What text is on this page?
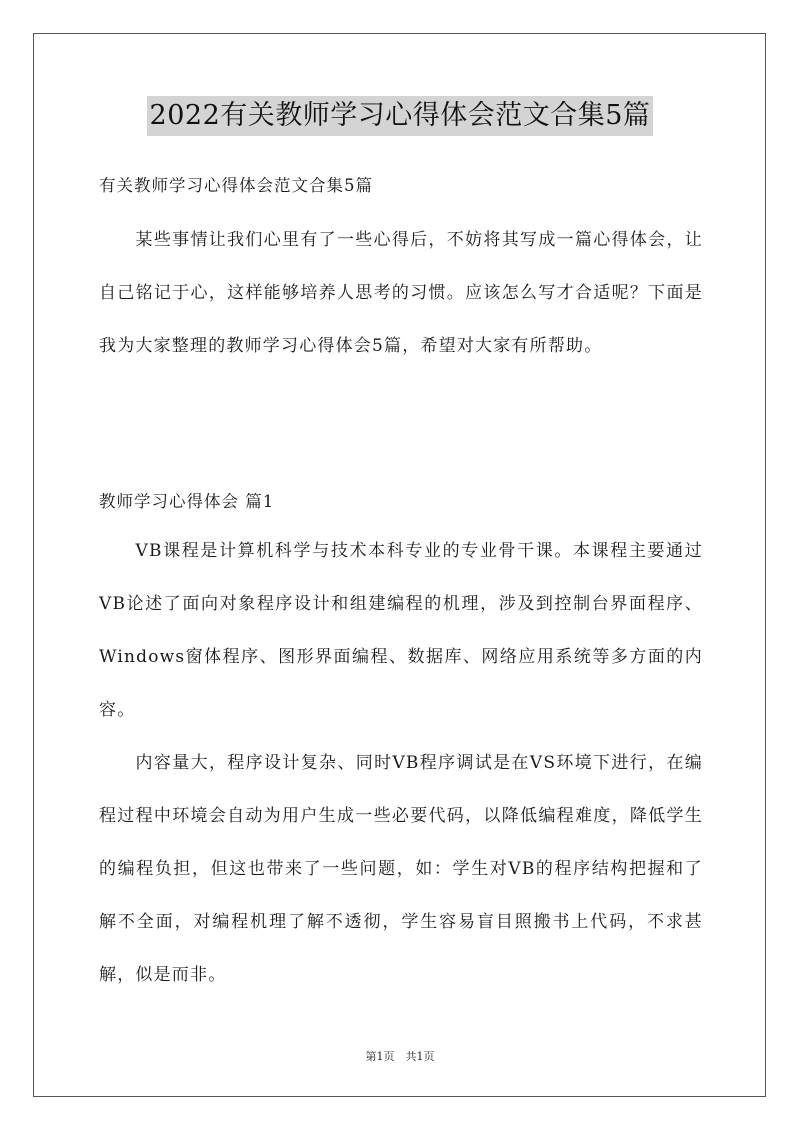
2022有关教师学习心得体会范文合集5篇
有关教师学习心得体会范文合集5篇

某些事情让我们心里有了一些心得后，不妨将其写成一篇心得体会，让自己铭记于心，这样能够培养人思考的习惯。应该怎么写才合适呢？下面是我为大家整理的教师学习心得体会5篇，希望对大家有所帮助。

教师学习心得体会 篇1

VB课程是计算机科学与技术本科专业的专业骨干课。本课程主要通过VB论述了面向对象程序设计和组建编程的机理，涉及到控制台界面程序、Windows窗体程序、图形界面编程、数据库、网络应用系统等多方面的内容。

内容量大，程序设计复杂、同时VB程序调试是在VS环境下进行，在编程过程中环境会自动为用户生成一些必要代码，以降低编程难度，降低学生的编程负担，但这也带来了一些问题，如：学生对VB的程序结构把握和了解不全面，对编程机理了解不透彻，学生容易盲目照搬书上代码，不求甚解，似是而非。

第1页　共1页
